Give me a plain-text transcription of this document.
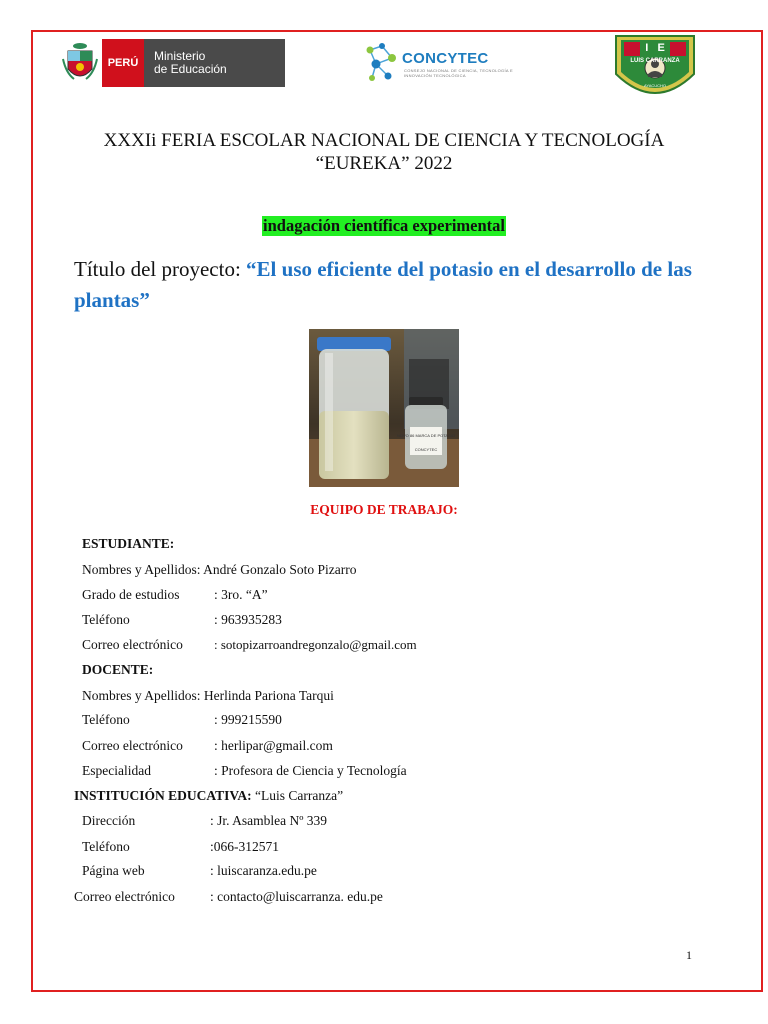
PERÚ	Ministerio
de Educación
CONCYTEC
CONSEJO NACIONAL DE CIENCIA, TECNOLOGÍA E INNOVACIÓN TECNOLÓGICA
I   E
LUIS CARRANZA
AYACUCHO
XXXIi FERIA ESCOLAR NACIONAL DE CIENCIA Y TECNOLOGÍA
“EUREKA” 2022
indagación científica experimental
Título del proyecto: “El uso eficiente del potasio en el desarrollo de las plantas”
NOVO 86 MARCA DE POTASIO
CONCYTEC
EQUIPO DE TRABAJO:
ESTUDIANTE:
Nombres y Apellidos: André Gonzalo Soto Pizarro
Grado de estudios	: 3ro. “A”
Teléfono	: 963935283
Correo electrónico : sotopizarroandregonzalo@gmail.com
DOCENTE:
Nombres y Apellidos: Herlinda Pariona Tarqui
Teléfono	: 999215590
Correo electrónico : herlipar@gmail.com
Especialidad	: Profesora de Ciencia y Tecnología
INSTITUCIÓN EDUCATIVA: “Luis Carranza”
Dirección	: Jr. Asamblea Nº 339
Teléfono	:066-312571
Página web	: luiscaranza.edu.pe
Correo electrónico	: contacto@luiscarranza. edu.pe
1
